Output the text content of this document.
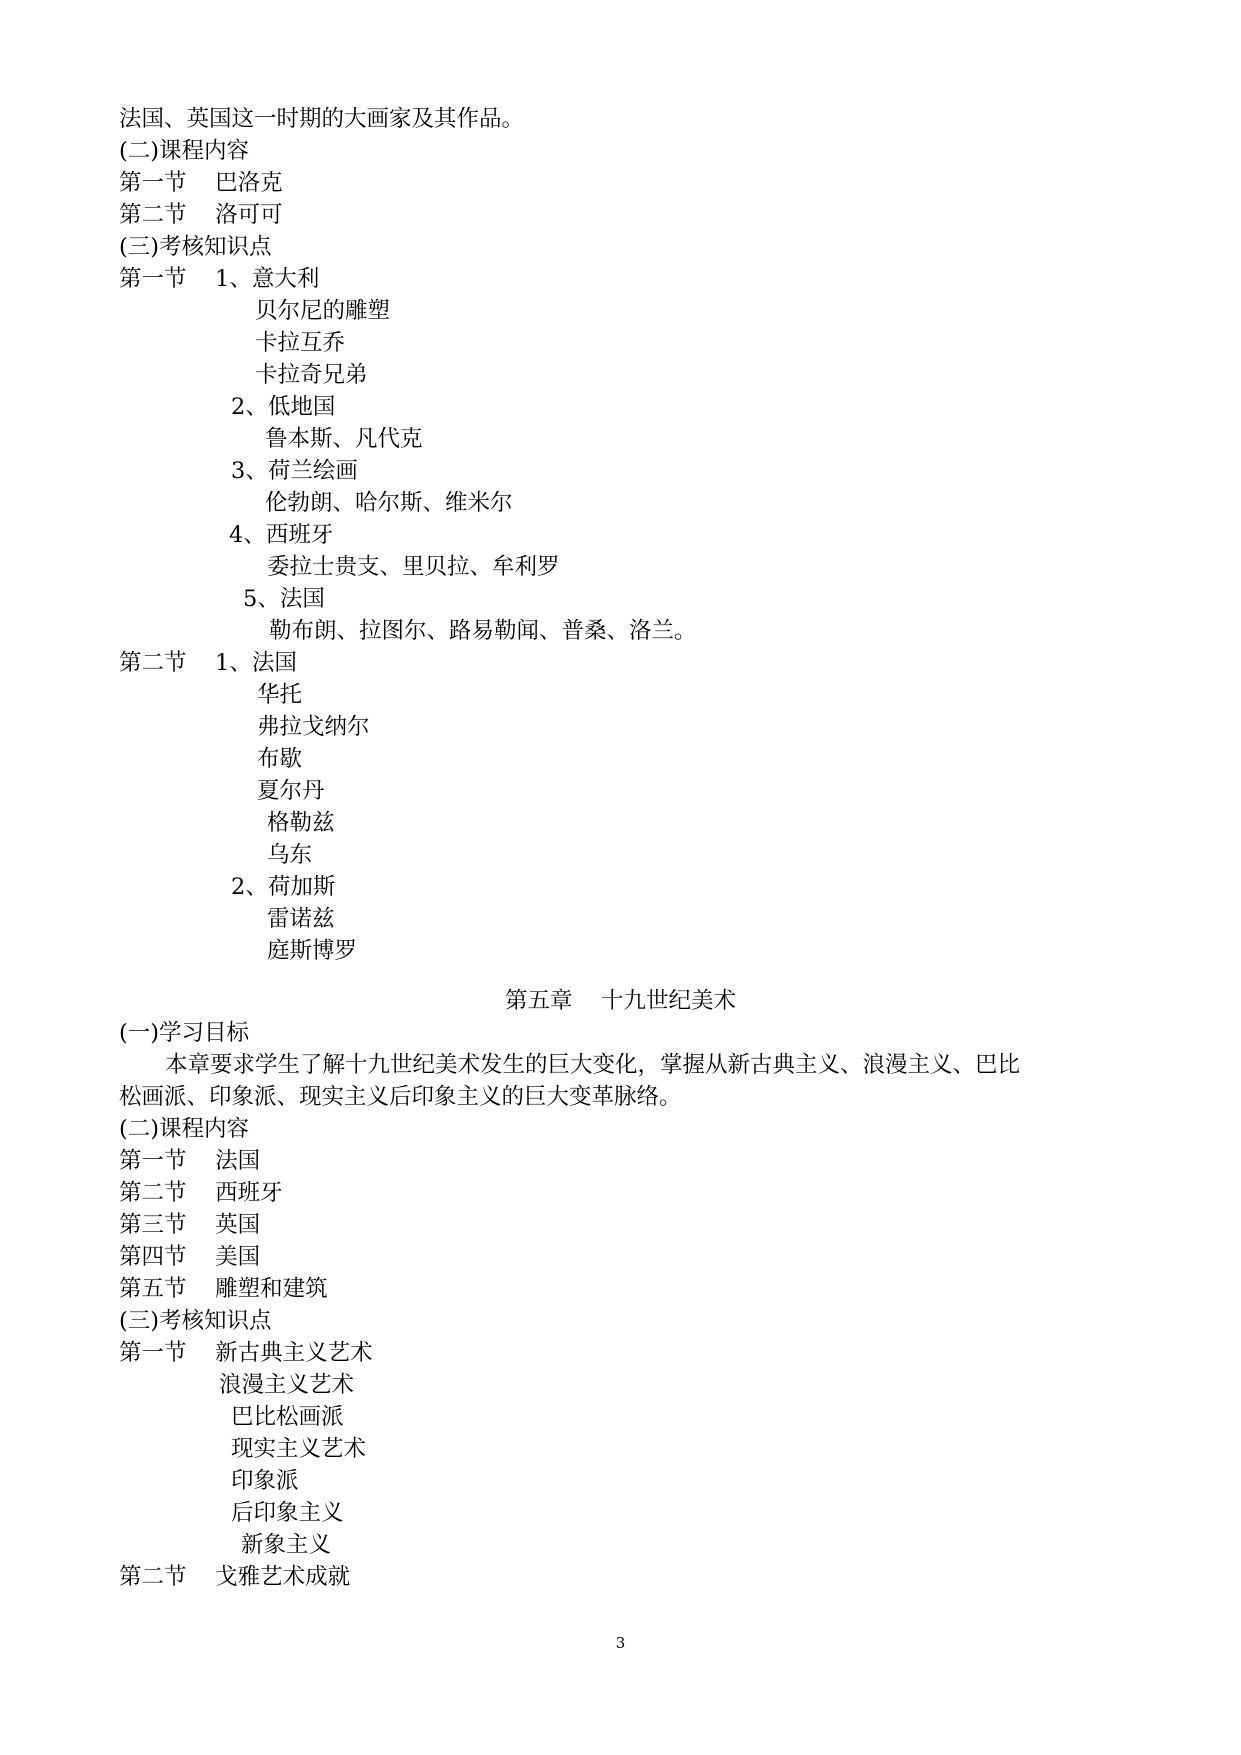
法国、英国这一时期的大画家及其作品。
(二)课程内容
第一节    巴洛克
第二节    洛可可
(三)考核知识点
第一节    1、意大利
贝尔尼的雕塑
卡拉互乔
卡拉奇兄弟
2、低地国
鲁本斯、凡代克
3、荷兰绘画
伦勃朗、哈尔斯、维米尔
4、西班牙
委拉士贵支、里贝拉、牟利罗
5、法国
勒布朗、拉图尔、路易勒闻、普桑、洛兰。
第二节    1、法国
华托
弗拉戈纳尔
布歇
夏尔丹
格勒兹
乌东
2、荷加斯
雷诺兹
庭斯博罗
第五章    十九世纪美术
(一)学习目标
本章要求学生了解十九世纪美术发生的巨大变化，掌握从新古典主义、浪漫主义、巴比
松画派、印象派、现实主义后印象主义的巨大变革脉络。
(二)课程内容
第一节    法国
第二节    西班牙
第三节    英国
第四节    美国
第五节    雕塑和建筑
(三)考核知识点
第一节    新古典主义艺术
浪漫主义艺术
巴比松画派
现实主义艺术
印象派
后印象主义
新象主义
第二节    戈雅艺术成就
3
